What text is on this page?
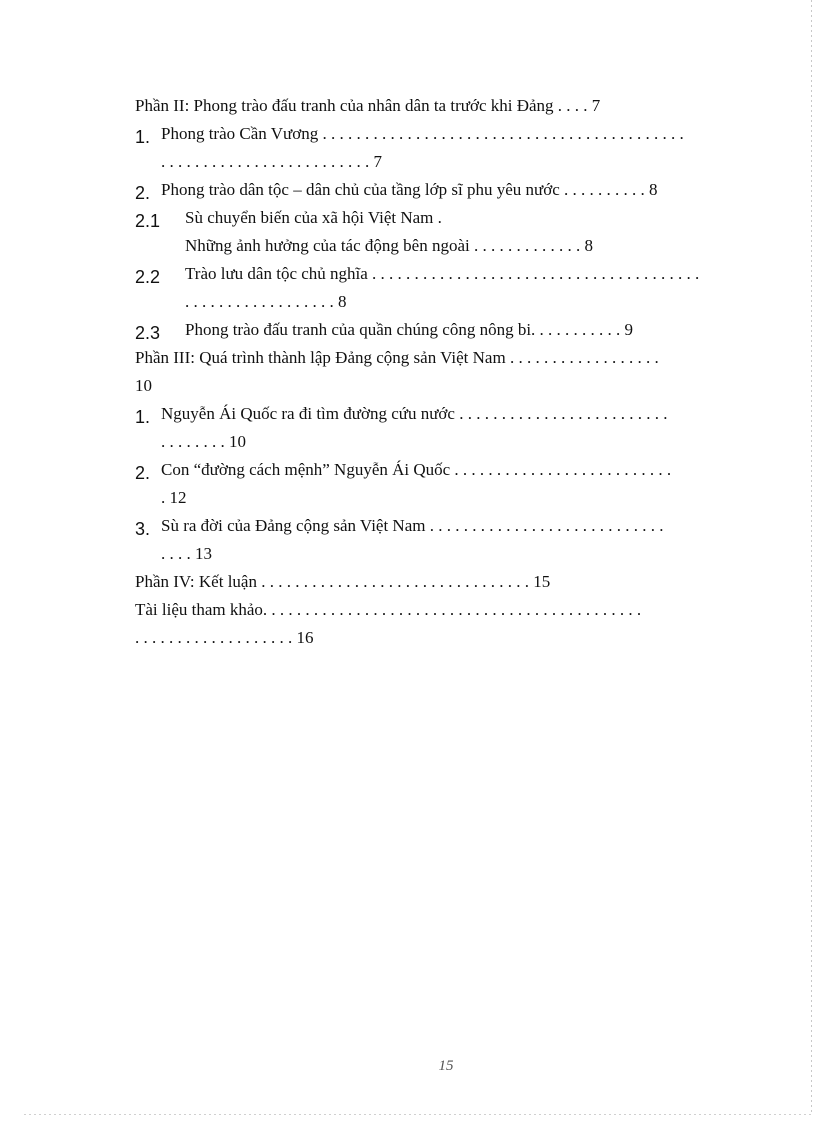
Phần II: Phong trào đấu tranh của nhân dân ta trước khi Đảng . . . . 7
1. Phong trào Cần Vương . . . . . . . . . . . . . . . . . . . . . . . . . . . . . . . . . . . . . . . . . . .
. . . . . . . . . . . . . . . . . . . . . . . . . 7
2. Phong trào dân tộc – dân chủ của tầng lớp sĩ phu yêu nước . . . . . . . . . . 8
2.1 Sù chuyển biến của xã hội Việt Nam .
Những ảnh hưởng của tác động bên ngoài . . . . . . . . . . . . . 8
2.2 Trào lưu dân tộc chủ nghĩa . . . . . . . . . . . . . . . . . . . . . . . . . . . . . . . . . . . . . . .
. . . . . . . . . . . . . . . . . . 8
2.3 Phong trào đấu tranh của quần chúng công nông bi. . . . . . . . . . . 9
Phần III: Quá trình thành lập Đảng cộng sản Việt Nam . . . . . . . . . . . . . . . . . .
10
1. Nguyễn Ái Quốc ra đi tìm đường cứu nước . . . . . . . . . . . . . . . . . . . . . . . . .
. . . . . . . . 10
2. Con “đường cách mệnh” Nguyễn Ái Quốc . . . . . . . . . . . . . . . . . . . . . . . . . .
. 12
3. Sù ra đời của Đảng cộng sản Việt Nam . . . . . . . . . . . . . . . . . . . . . . . . . . . .
. . . . 13
Phần IV: Kết luận . . . . . . . . . . . . . . . . . . . . . . . . . . . . . . . . 15
Tài liệu tham khảo. . . . . . . . . . . . . . . . . . . . . . . . . . . . . . . . . . . . . . . . . . . . .
. . . . . . . . . . . . . . . . . . . 16
15
